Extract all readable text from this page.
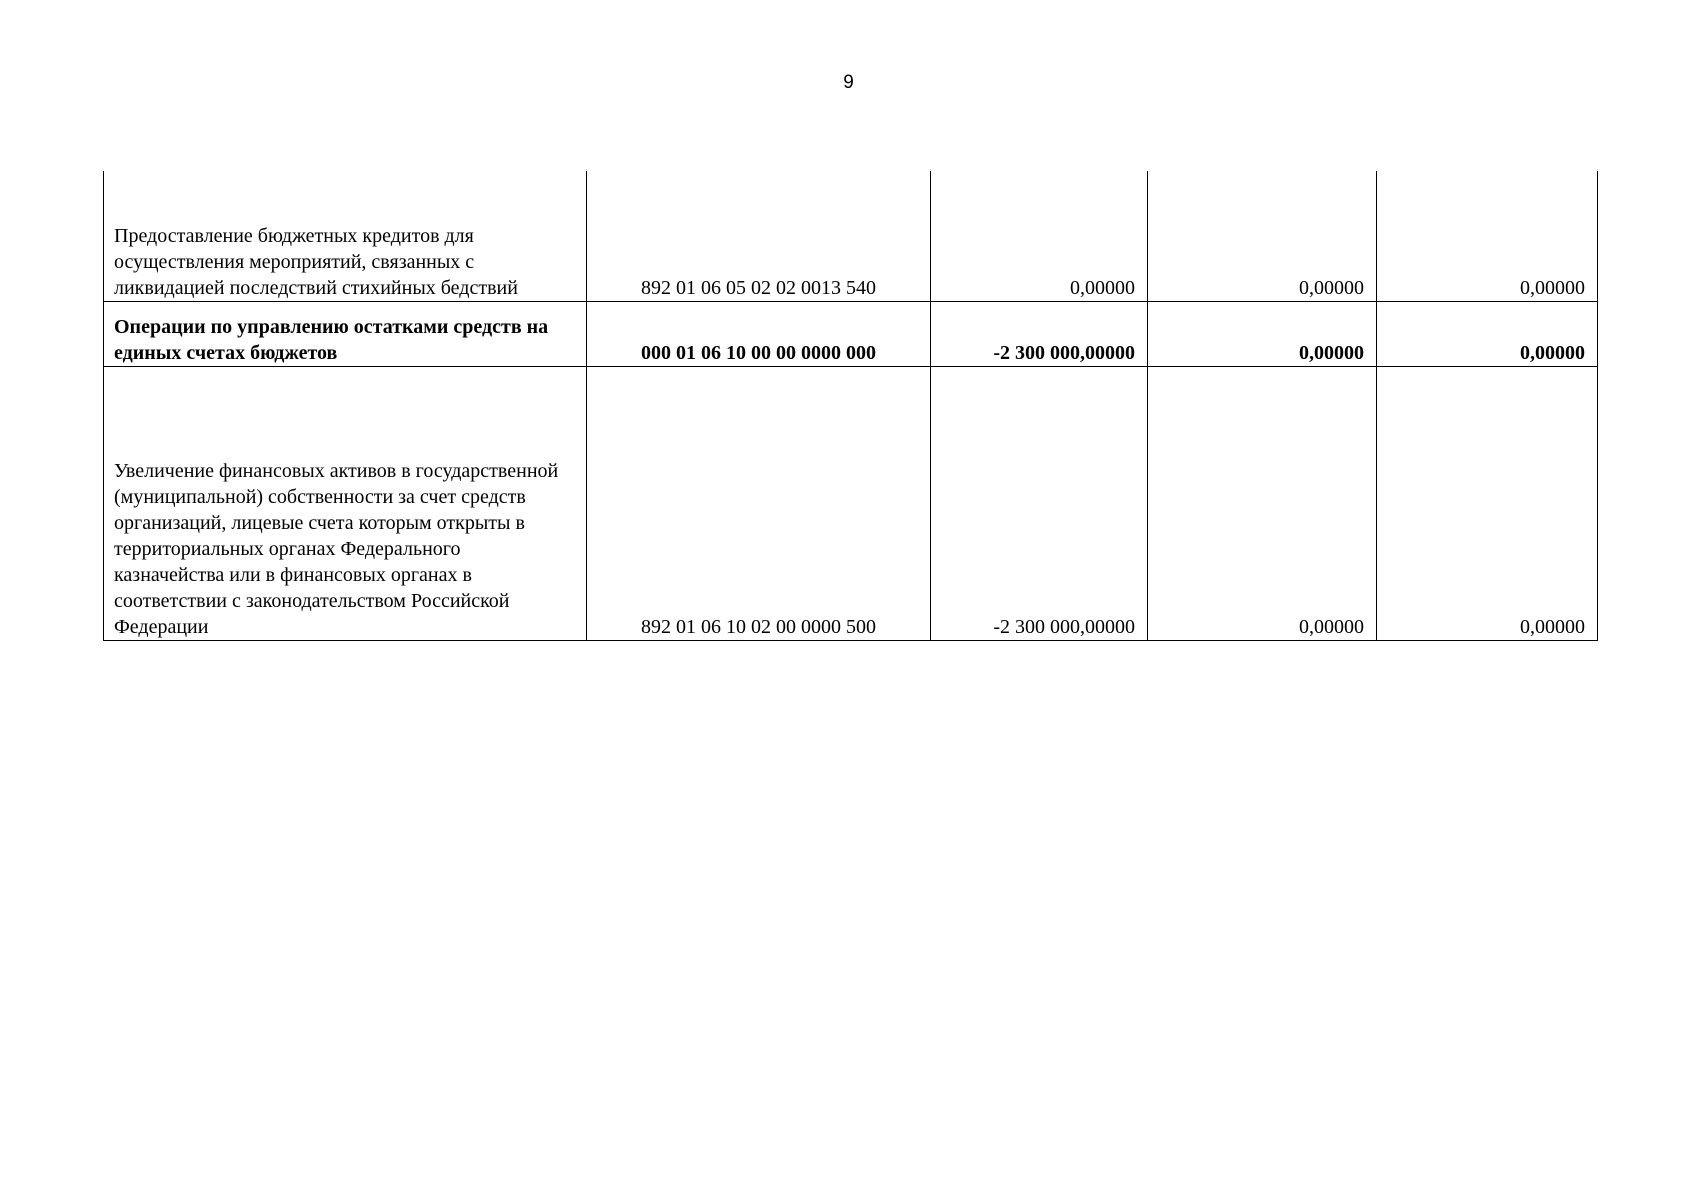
9
Предоставление бюджетных кредитов для осуществления мероприятий, связанных с ликвидацией последствий стихийных бедствий	892 01 06 05 02 02 0013 540	0,00000	0,00000	0,00000
Операции по управлению остатками средств на единых счетах бюджетов	000 01 06 10 00 00 0000 000	-2 300 000,00000	0,00000	0,00000
Увеличение финансовых активов в государственной (муниципальной) собственности за счет средств организаций, лицевые счета которым открыты в территориальных органах Федерального казначейства или в финансовых органах в соответствии с законодательством Российской Федерации	892 01 06 10 02 00 0000 500	-2 300 000,00000	0,00000	0,00000
